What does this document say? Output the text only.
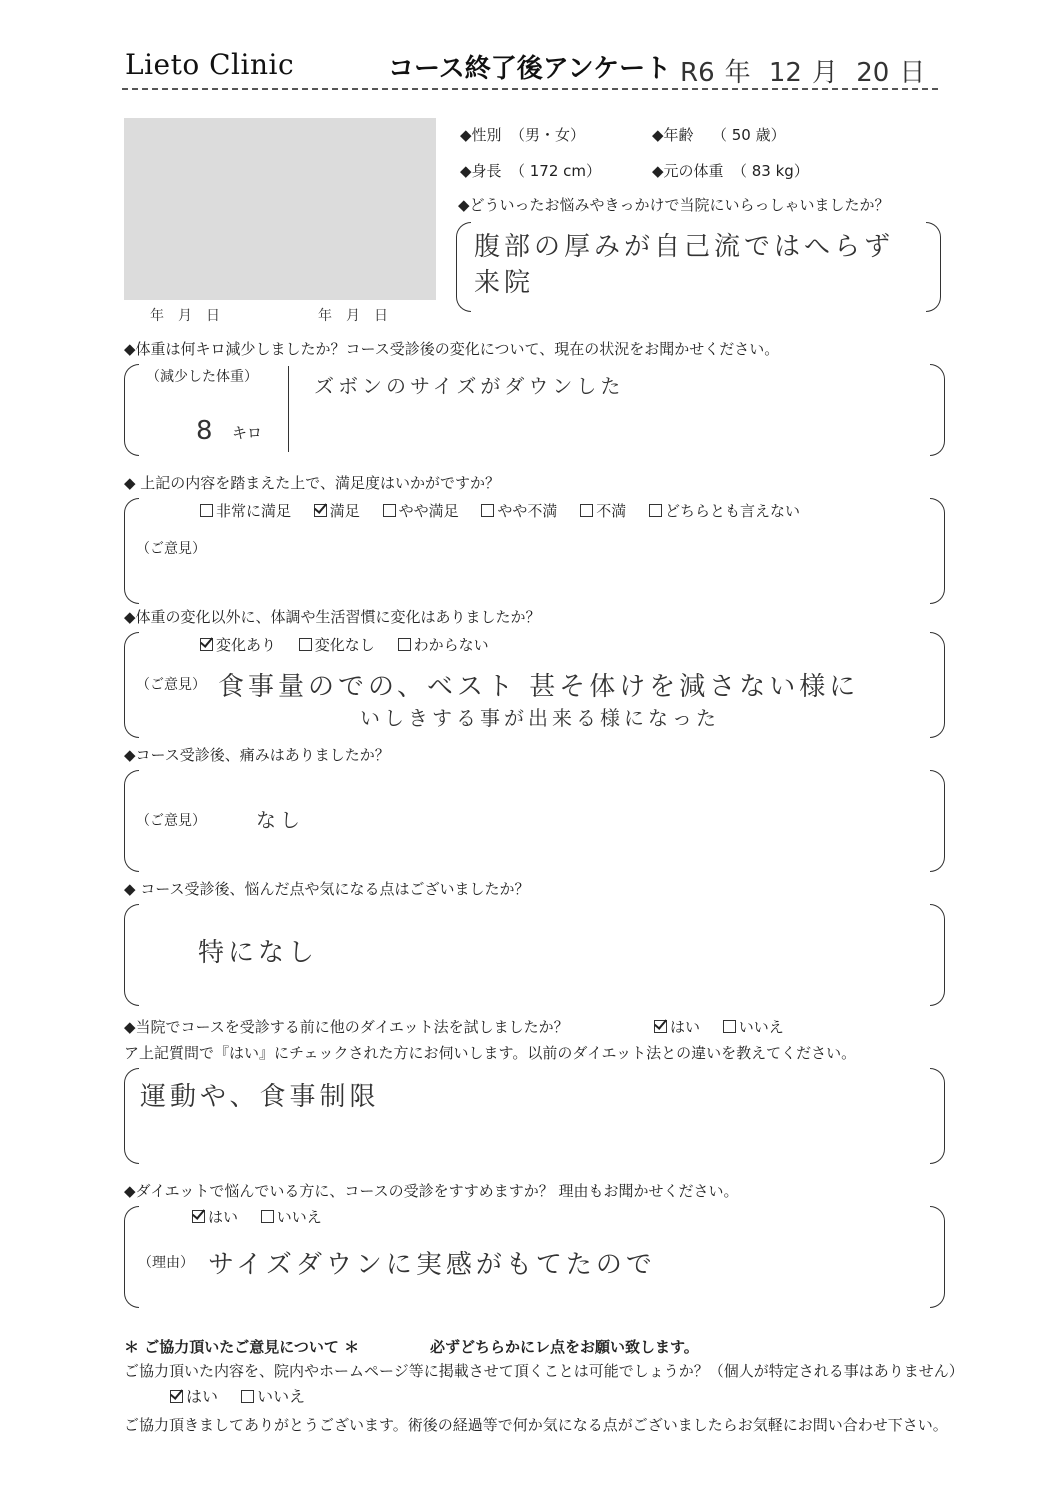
Lieto Clinic	コース終了後アンケート R6 年 12 月 20 日
年月日	年月日
◆性別 （男・女）	◆年齢 （ 50 歳）
◆身長 （ 172 cm）	◆元の体重 （ 83 kg）
◆どういったお悩みやきっかけで当院にいらっしゃいましたか？
腹部の厚みが自己流ではへらず
来院
◆体重は何キロ減少しましたか？コース受診後の変化について、現在の状況をお聞かせください。
（減少した体重）
8 キロ
ズボンのサイズがダウンした
◆ 上記の内容を踏まえた上で、満足度はいかがですか？
非常に満足	満足	やや満足	やや不満	不満	どちらとも言えない
（ご意見）
◆体重の変化以外に、体調や生活習慣に変化はありましたか？
変化あり	変化なし	わからない
（ご意見） 食事量のでの、ベスト 甚そ体けを減さない様に
いしきする事が出来る様になった
◆コース受診後、痛みはありましたか？
（ご意見）	なし
◆ コース受診後、悩んだ点や気になる点はございましたか？
特になし
◆当院でコースを受診する前に他のダイエット法を試しましたか？	はい	いいえ
ア上記質問で『はい』にチェックされた方にお伺いします。以前のダイエット法との違いを教えてください。
運動や、食事制限
◆ダイエットで悩んでいる方に、コースの受診をすすめますか？ 理由もお聞かせください。
はい	いいえ
（理由） サイズダウンに実感がもてたので
＊ ご協力頂いたご意見について ＊	必ずどちらかにレ点をお願い致します。
ご協力頂いた内容を、院内やホームページ等に掲載させて頂くことは可能でしょうか？（個人が特定される事はありません）
はい いいえ
ご協力頂きましてありがとうございます。術後の経過等で何か気になる点がございましたらお気軽にお問い合わせ下さい。
